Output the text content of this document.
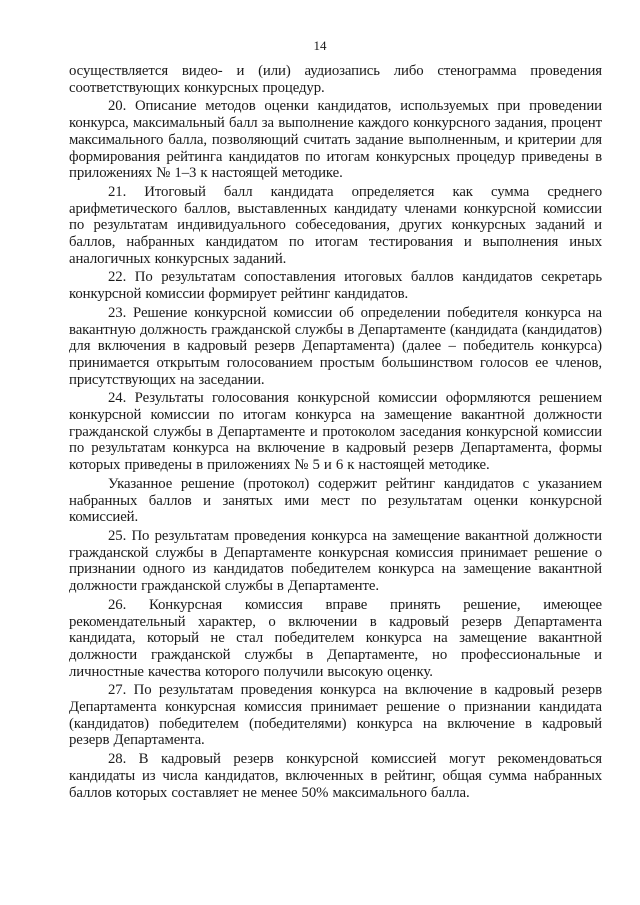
14

осуществляется видео- и (или) аудиозапись либо стенограмма проведения соответствующих конкурсных процедур.

20. Описание методов оценки кандидатов, используемых при проведении конкурса, максимальный балл за выполнение каждого конкурсного задания, процент максимального балла, позволяющий считать задание выполненным, и критерии для формирования рейтинга кандидатов по итогам конкурсных процедур приведены в приложениях № 1–3 к настоящей методике.

21. Итоговый балл кандидата определяется как сумма среднего арифметического баллов, выставленных кандидату членами конкурсной комиссии по результатам индивидуального собеседования, других конкурсных заданий и баллов, набранных кандидатом по итогам тестирования и выполнения иных аналогичных конкурсных заданий.

22. По результатам сопоставления итоговых баллов кандидатов секретарь конкурсной комиссии формирует рейтинг кандидатов.

23. Решение конкурсной комиссии об определении победителя конкурса на вакантную должность гражданской службы в Департаменте (кандидата (кандидатов) для включения в кадровый резерв Департамента) (далее – победитель конкурса) принимается открытым голосованием простым большинством голосов ее членов, присутствующих на заседании.

24. Результаты голосования конкурсной комиссии оформляются решением конкурсной комиссии по итогам конкурса на замещение вакантной должности гражданской службы в Департаменте и протоколом заседания конкурсной комиссии по результатам конкурса на включение в кадровый резерв Департамента, формы которых приведены в приложениях № 5 и 6 к настоящей методике.

Указанное решение (протокол) содержит рейтинг кандидатов с указанием набранных баллов и занятых ими мест по результатам оценки конкурсной комиссией.

25. По результатам проведения конкурса на замещение вакантной должности гражданской службы в Департаменте конкурсная комиссия принимает решение о признании одного из кандидатов победителем конкурса на замещение вакантной должности гражданской службы в Департаменте.

26. Конкурсная комиссия вправе принять решение, имеющее рекомендательный характер, о включении в кадровый резерв Департамента кандидата, который не стал победителем конкурса на замещение вакантной должности гражданской службы в Департаменте, но профессиональные и личностные качества которого получили высокую оценку.

27. По результатам проведения конкурса на включение в кадровый резерв Департамента конкурсная комиссия принимает решение о признании кандидата (кандидатов) победителем (победителями) конкурса на включение в кадровый резерв Департамента.

28. В кадровый резерв конкурсной комиссией могут рекомендоваться кандидаты из числа кандидатов, включенных в рейтинг, общая сумма набранных баллов которых составляет не менее 50% максимального балла.
